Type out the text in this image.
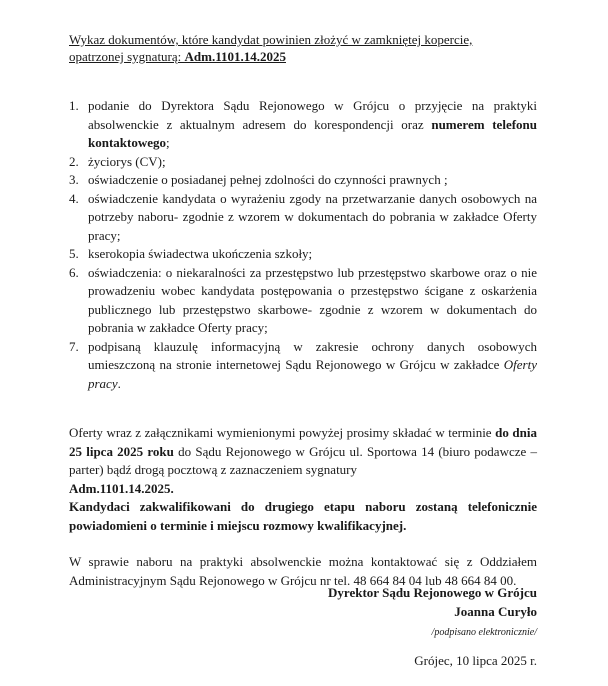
Wykaz dokumentów, które kandydat powinien złożyć w zamkniętej kopercie,
opatrzonej sygnaturą: Adm.1101.14.2025

1. podanie do Dyrektora Sądu Rejonowego w Grójcu o przyjęcie na praktyki absolwenckie z aktualnym adresem do korespondencji oraz numerem telefonu kontaktowego;
2. życiorys (CV);
3. oświadczenie o posiadanej pełnej zdolności do czynności prawnych ;
4. oświadczenie kandydata o wyrażeniu zgody na przetwarzanie danych osobowych na potrzeby naboru- zgodnie z wzorem w dokumentach do pobrania w zakładce Oferty pracy;
5. kserokopia świadectwa ukończenia szkoły;
6. oświadczenia: o niekaralności za przestępstwo lub przestępstwo skarbowe oraz o nie prowadzeniu wobec kandydata postępowania o przestępstwo ścigane z oskarżenia publicznego lub przestępstwo skarbowe- zgodnie z wzorem w dokumentach do pobrania w zakładce Oferty pracy;
7. podpisaną klauzulę informacyjną w zakresie ochrony danych osobowych umieszczoną na stronie internetowej Sądu Rejonowego w Grójcu w zakładce Oferty pracy.

Oferty wraz z załącznikami wymienionymi powyżej prosimy składać w terminie do dnia 25 lipca 2025 roku do Sądu Rejonowego w Grójcu ul. Sportowa 14 (biuro podawcze – parter) bądź drogą pocztową z zaznaczeniem sygnatury
Adm.1101.14.2025.
Kandydaci zakwalifikowani do drugiego etapu naboru zostaną telefonicznie powiadomieni o terminie i miejscu rozmowy kwalifikacyjnej.

W sprawie naboru na praktyki absolwenckie można kontaktować się z Oddziałem Administracyjnym Sądu Rejonowego w Grójcu nr tel. 48 664 84 04 lub 48 664 84 00.

Dyrektor Sądu Rejonowego w Grójcu
Joanna Curyło
/podpisano elektronicznie/
Grójec, 10 lipca 2025 r.
